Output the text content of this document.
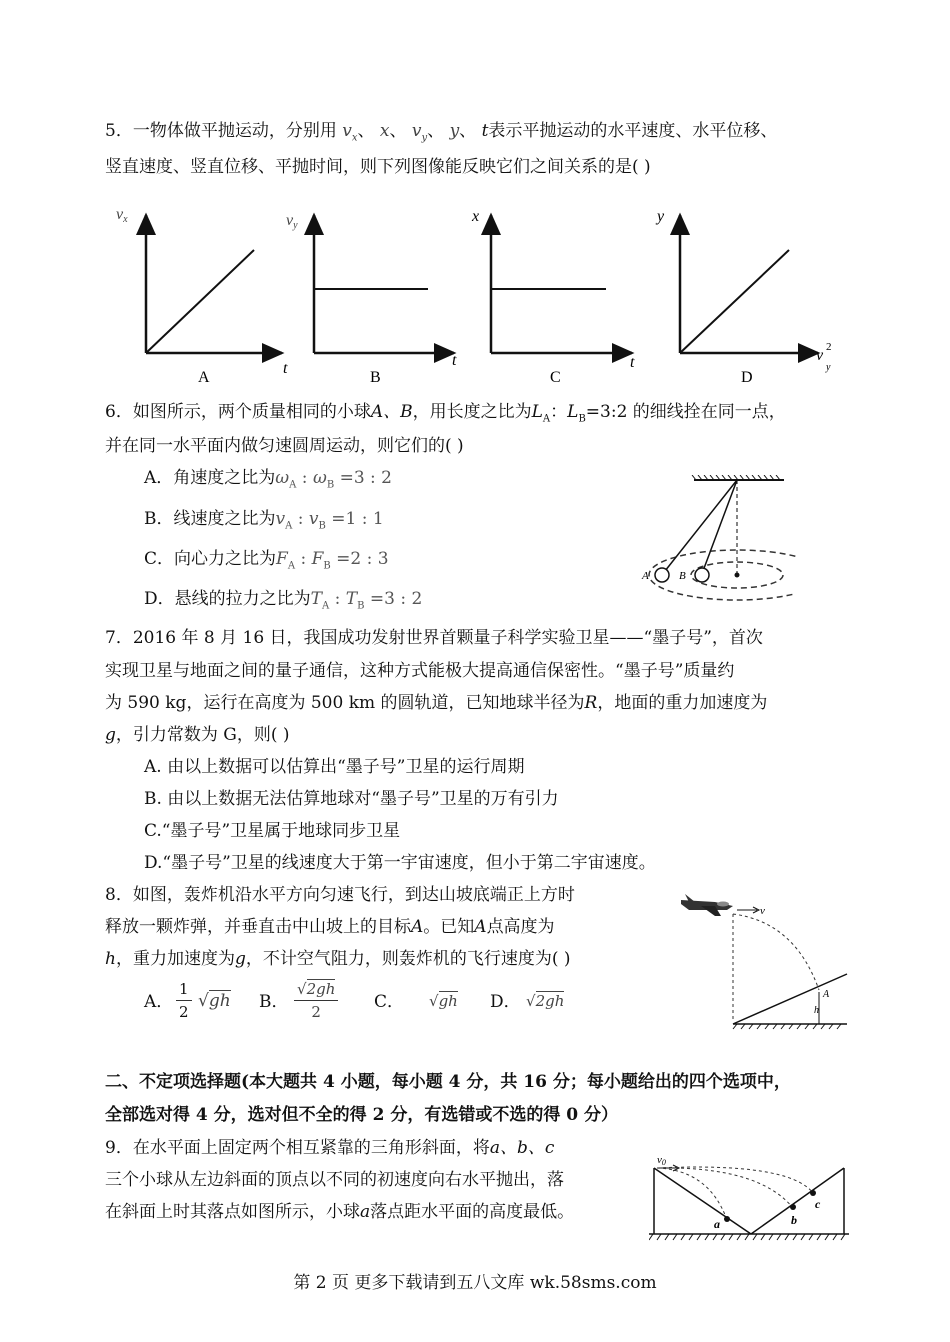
5．一物体做平抛运动，分别用 $v_x$、 x、 $v_y$、 y、 t表示平抛运动的水平速度、水平位移、
竖直速度、竖直位移、平抛时间，则下列图像能反映它们之间关系的是( )
vx
t
A
vy
t
B
x
t
C
y
v
y
2
D
6．如图所示，两个质量相同的小球A、B，用长度之比为$L_A$：$L_B=3:2$ 的细线拴在同一点，
并在同一水平面内做匀速圆周运动，则它们的( )
A．角速度之比为$\omega_A$ : $\omega_B =3$ : 2
B．线速度之比为$v_A$ : $v_B =1$ : 1
C．向心力之比为$F_A$ : $F_B =2$ : 3
D．悬线的拉力之比为$T_A$ : $T_B =3$ : 2
A	B
7．2016 年 8 月 16 日，我国成功发射世界首颗量子科学实验卫星——“墨子号”，首次
实现卫星与地面之间的量子通信，这种方式能极大提高通信保密性。“墨子号”质量约
为 590 kg，运行在高度为 500 km 的圆轨道，已知地球半径为R，地面的重力加速度为
g，引力常数为 G，则( )
A. 由以上数据可以估算出“墨子号”卫星的运行周期
B. 由以上数据无法估算地球对“墨子号”卫星的万有引力
C.“墨子号”卫星属于地球同步卫星
D.“墨子号”卫星的线速度大于第一宇宙速度，但小于第二宇宙速度。
8．如图，轰炸机沿水平方向匀速飞行，到达山坡底端正上方时
释放一颗炸弹，并垂直击中山坡上的目标A。已知A点高度为
h，重力加速度为g，不计空气阻力，则轰炸机的飞行速度为( )
A． $\frac{1}{2} √gh$ B． $\frac{√2gh}{2}$ C． √gh D． √2gh
v
A
h
二、不定项选择题(本大题共 4 小题，每小题 4 分，共 16 分；每小题给出的四个选项中，
全部选对得 4 分，选对但不全的得 2 分，有选错或不选的得 0 分）
9．在水平面上固定两个相互紧靠的三角形斜面，将a、b、c
三个小球从左边斜面的顶点以不同的初速度向右水平抛出，落
在斜面上时其落点如图所示，小球a落点距水平面的高度最低。
v0
a	b
c
第 2 页 更多下载请到五八文库 wk.58sms.com
